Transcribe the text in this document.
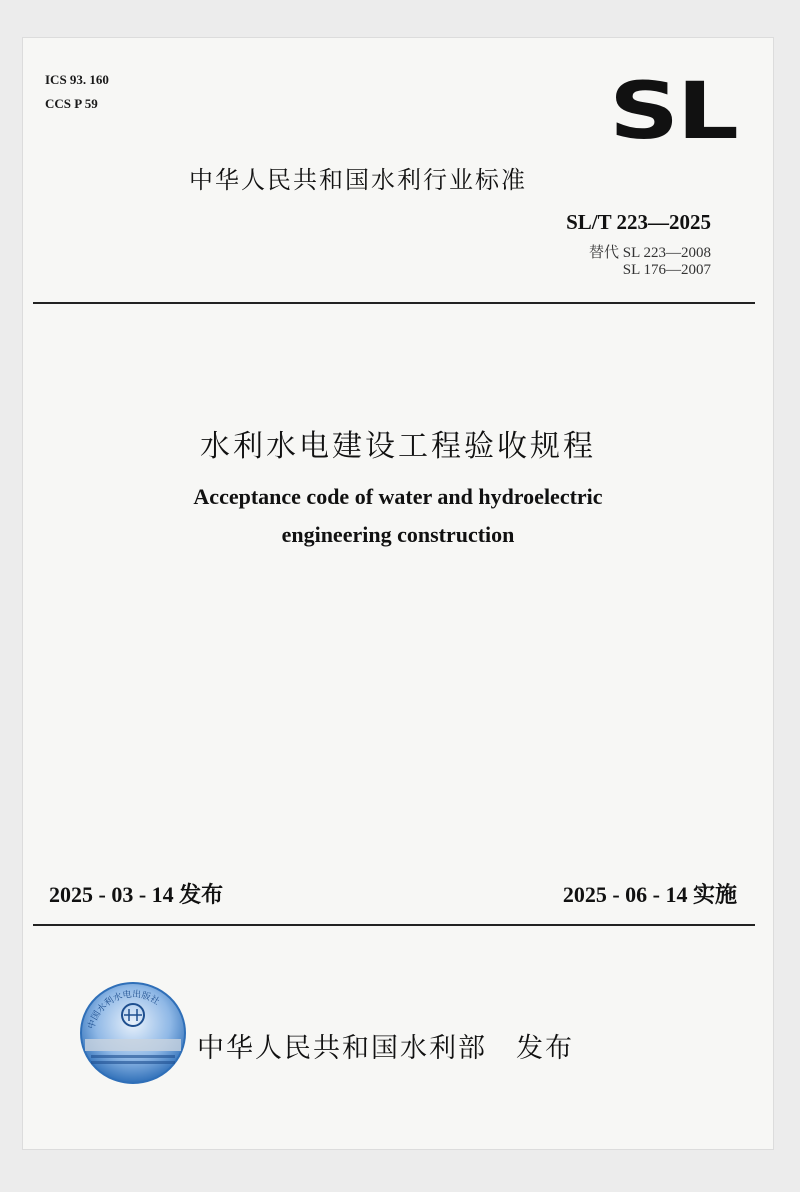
ICS 93. 160
CCS P 59	SL
中华人民共和国水利行业标准
SL/T 223—2025
替代 SL 223—2008
SL 176—2007
水利水电建设工程验收规程
Acceptance code of water and hydroelectric
engineering construction
2025 - 03 - 14 发布	2025 - 06 - 14 实施
中国水利水电出版社
中华人民共和国水利部　发布
